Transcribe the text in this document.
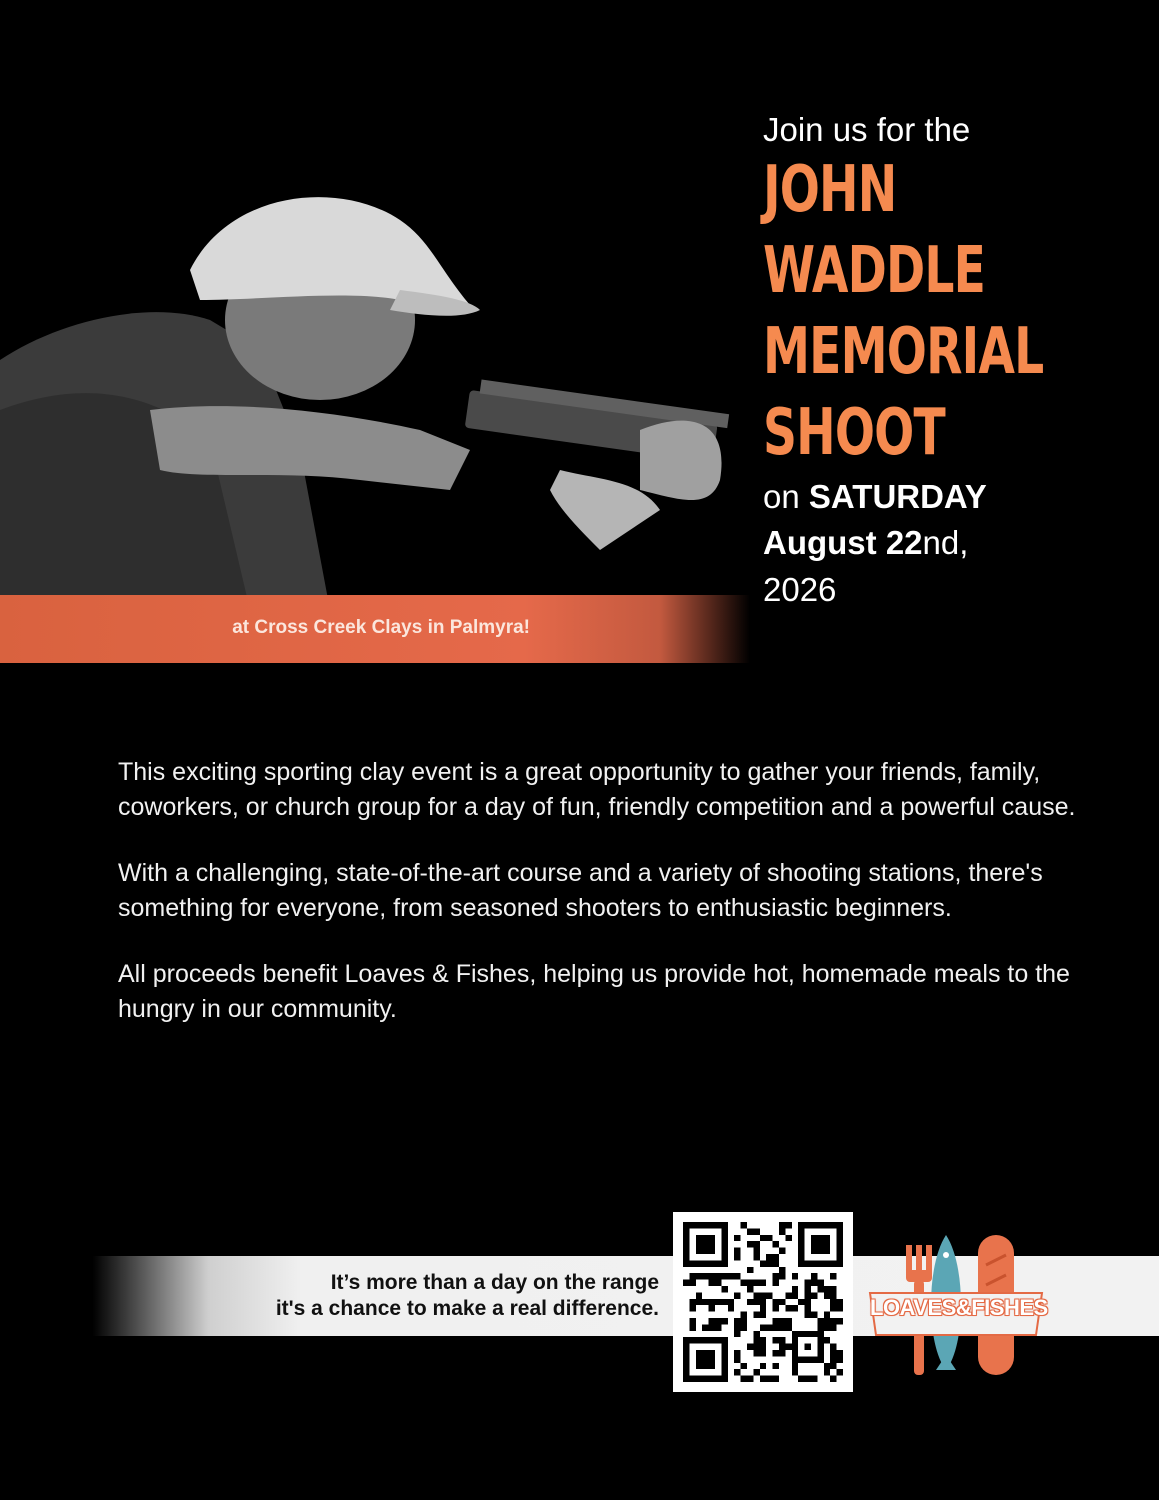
at Cross Creek Clays in Palmyra!
Join us for the
JOHN
WADDLE
MEMORIAL
SHOOT
on SATURDAY
August 22nd,
2026

This exciting sporting clay event is a great opportunity to gather your friends, family, coworkers, or church group for a day of fun, friendly competition and a powerful cause.

With a challenging, state-of-the-art course and a variety of shooting stations, there's something for everyone, from seasoned shooters to enthusiastic beginners.

All proceeds benefit Loaves & Fishes, helping us provide hot, homemade meals to the hungry in our community.

It’s more than a day on the range
it's a chance to make a real difference.	LOAVES&FISHES
